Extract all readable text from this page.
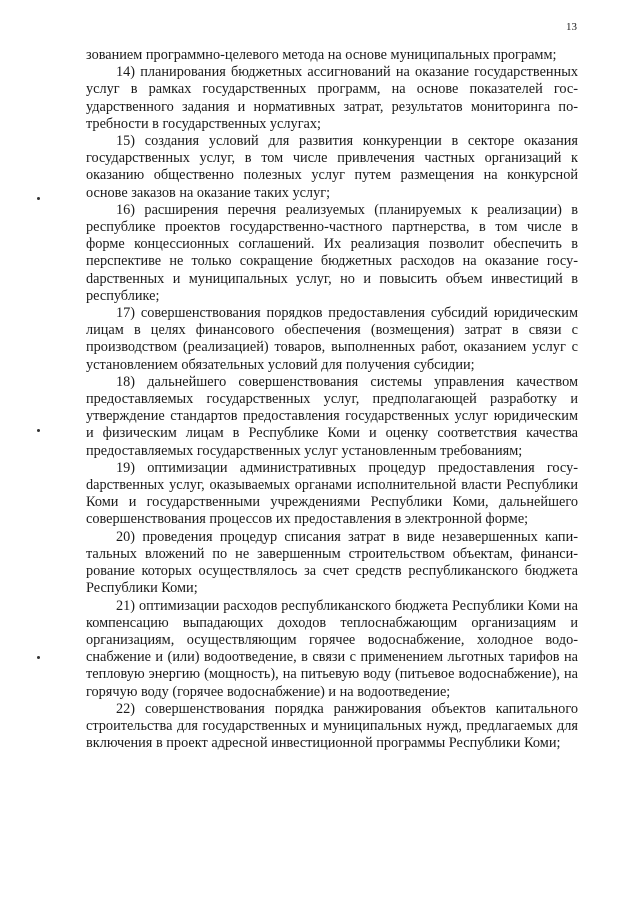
13

зованием программно-целевого метода на основе муниципальных программ;

14) планирования бюджетных ассигнований на оказание государственных услуг в рамках государственных программ, на основе показателей государственного задания и нормативных затрат, результатов мониторинга потребности в государственных услугах;

15) создания условий для развития конкуренции в секторе оказания государственных услуг, в том числе привлечения частных организаций к оказанию общественно полезных услуг путем размещения на конкурсной основе заказов на оказание таких услуг;

16) расширения перечня реализуемых (планируемых к реализации) в республике проектов государственно-частного партнерства, в том числе в форме концессионных соглашений. Их реализация позволит обеспечить в перспективе не только сокращение бюджетных расходов на оказание госуdарственных и муниципальных услуг, но и повысить объем инвестиций в республике;

17) совершенствования порядков предоставления субсидий юридическим лицам в целях финансового обеспечения (возмещения) затрат в связи с производством (реализацией) товаров, выполненных работ, оказанием услуг с установлением обязательных условий для получения субсидии;

18) дальнейшего совершенствования системы управления качеством предоставляемых государственных услуг, предполагающей разработку и утверждение стандартов предоставления государственных услуг юридическим и физическим лицам в Республике Коми и оценку соответствия качества предоставляемых государственных услуг установленным требованиям;

19) оптимизации административных процедур предоставления госуdарственных услуг, оказываемых органами исполнительной власти Республики Коми и государственными учреждениями Республики Коми, дальнейшего совершенствования процессов их предоставления в электронной форме;

20) проведения процедур списания затрат в виде незавершенных капитальных вложений по не завершенным строительством объектам, финансирование которых осуществлялось за счет средств республиканского бюджета Республики Коми;

21) оптимизации расходов республиканского бюджета Республики Коми на компенсацию выпадающих доходов теплоснабжающим организациям и организациям, осуществляющим горячее водоснабжение, холодное водоснабжение и (или) водоотведение, в связи с применением льготных тарифов на тепловую энергию (мощность), на питьевую воду (питьевое водоснабжение), на горячую воду (горячее водоснабжение) и на водоотведение;

22) совершенствования порядка ранжирования объектов капитального строительства для государственных и муниципальных нужд, предлагаемых для включения в проект адресной инвестиционной программы Республики Коми;
